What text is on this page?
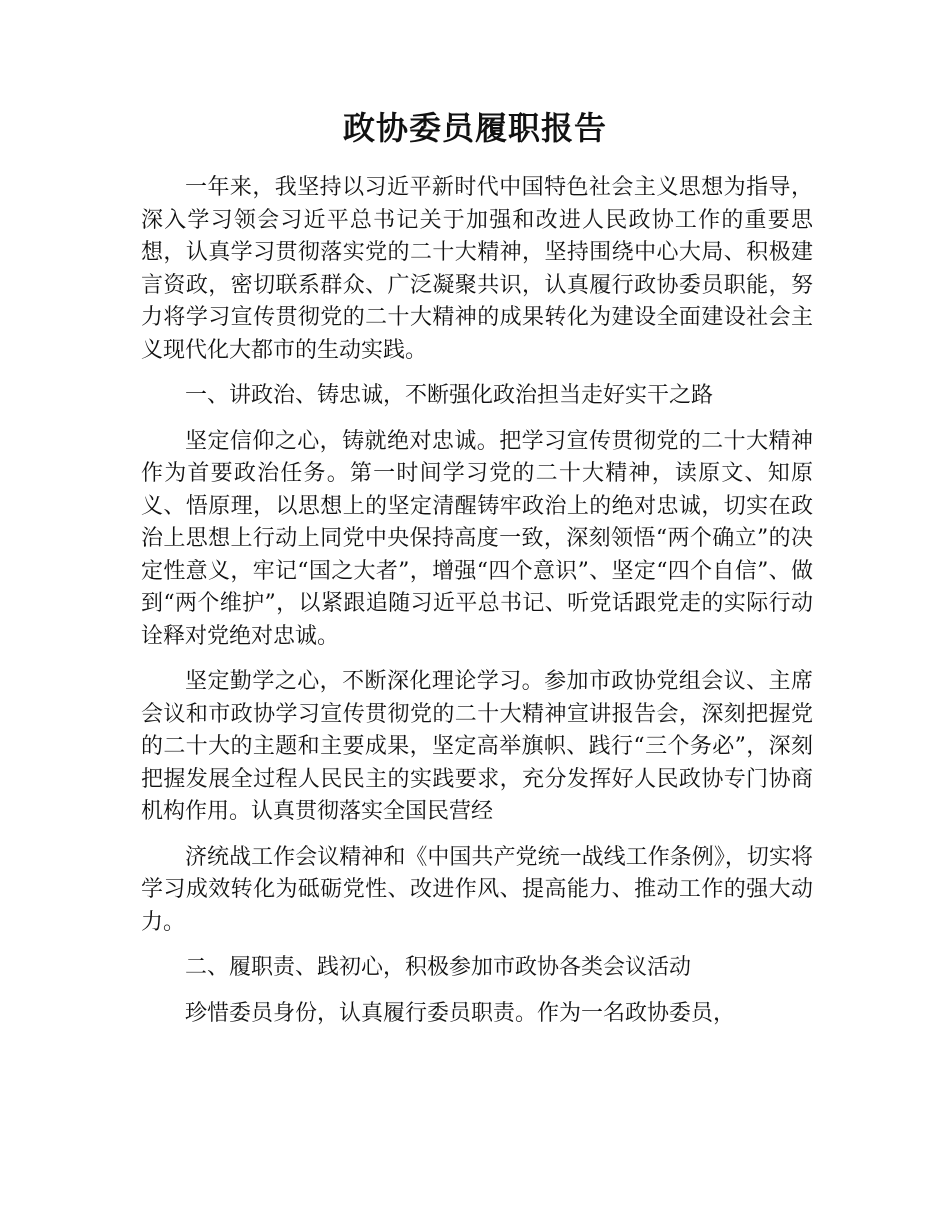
政协委员履职报告

一年来，我坚持以习近平新时代中国特色社会主义思想为指导，深入学习领会习近平总书记关于加强和改进人民政协工作的重要思想，认真学习贯彻落实党的二十大精神，坚持围绕中心大局、积极建言资政，密切联系群众、广泛凝聚共识，认真履行政协委员职能，努力将学习宣传贯彻党的二十大精神的成果转化为建设全面建设社会主义现代化大都市的生动实践。

一、讲政治、铸忠诚，不断强化政治担当走好实干之路

坚定信仰之心，铸就绝对忠诚。把学习宣传贯彻党的二十大精神作为首要政治任务。第一时间学习党的二十大精神，读原文、知原义、悟原理，以思想上的坚定清醒铸牢政治上的绝对忠诚，切实在政治上思想上行动上同党中央保持高度一致，深刻领悟“两个确立”的决定性意义，牢记“国之大者”，增强“四个意识”、坚定“四个自信”、做到“两个维护”，以紧跟追随习近平总书记、听党话跟党走的实际行动诠释对党绝对忠诚。

坚定勤学之心，不断深化理论学习。参加市政协党组会议、主席会议和市政协学习宣传贯彻党的二十大精神宣讲报告会，深刻把握党的二十大的主题和主要成果，坚定高举旗帜、践行“三个务必”，深刻把握发展全过程人民民主的实践要求，充分发挥好人民政协专门协商机构作用。认真贯彻落实全国民营经

济统战工作会议精神和《中国共产党统一战线工作条例》，切实将学习成效转化为砥砺党性、改进作风、提高能力、推动工作的强大动力。

二、履职责、践初心，积极参加市政协各类会议活动

珍惜委员身份，认真履行委员职责。作为一名政协委员，
